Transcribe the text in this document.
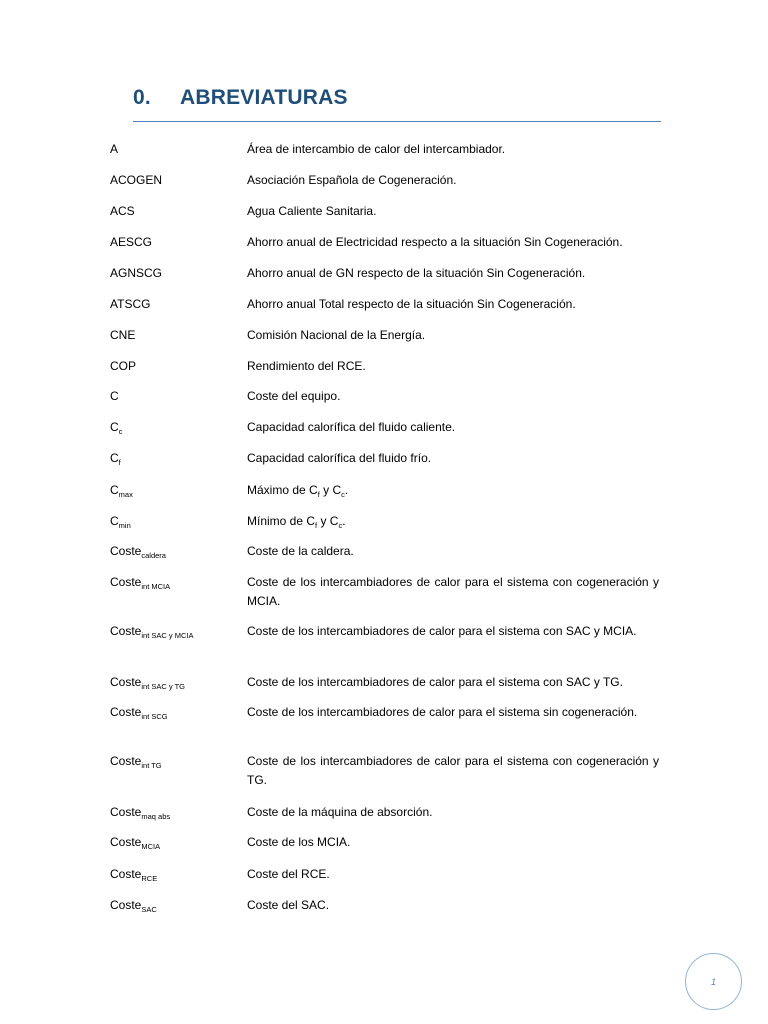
0. ABREVIATURAS
A	Área de intercambio de calor del intercambiador.
ACOGEN	Asociación Española de Cogeneración.
ACS	Agua Caliente Sanitaria.
AESCG	Ahorro anual de Electricidad respecto a la situación Sin Cogeneración.
AGNSCG	Ahorro anual de GN respecto de la situación Sin Cogeneración.
ATSCG	Ahorro anual Total respecto de la situación Sin Cogeneración.
CNE	Comisión Nacional de la Energía.
COP	Rendimiento del RCE.
C	Coste del equipo.
$C_c$	Capacidad calorífica del fluido caliente.
$C_f$	Capacidad calorífica del fluido frío.
$C_{max}$	Máximo de $C_f$ y $C_c$.
$C_{min}$	Mínimo de $C_f$ y $C_c$.
Coste$_{caldera}$	Coste de la caldera.
Coste$_{int MCIA}$	Coste de los intercambiadores de calor para el sistema con cogeneración y MCIA.
Coste$_{int SAC y MCIA}$	Coste de los intercambiadores de calor para el sistema con SAC y MCIA.
Coste$_{int SAC y TG}$	Coste de los intercambiadores de calor para el sistema con SAC y TG.
Coste$_{int SCG}$	Coste de los intercambiadores de calor para el sistema sin cogeneración.
Coste$_{int TG}$	Coste de los intercambiadores de calor para el sistema con cogeneración y TG.
Coste$_{maq abs}$	Coste de la máquina de absorción.
Coste$_{MCIA}$	Coste de los MCIA.
Coste$_{RCE}$	Coste del RCE.
Coste$_{SAC}$	Coste del SAC.
1
